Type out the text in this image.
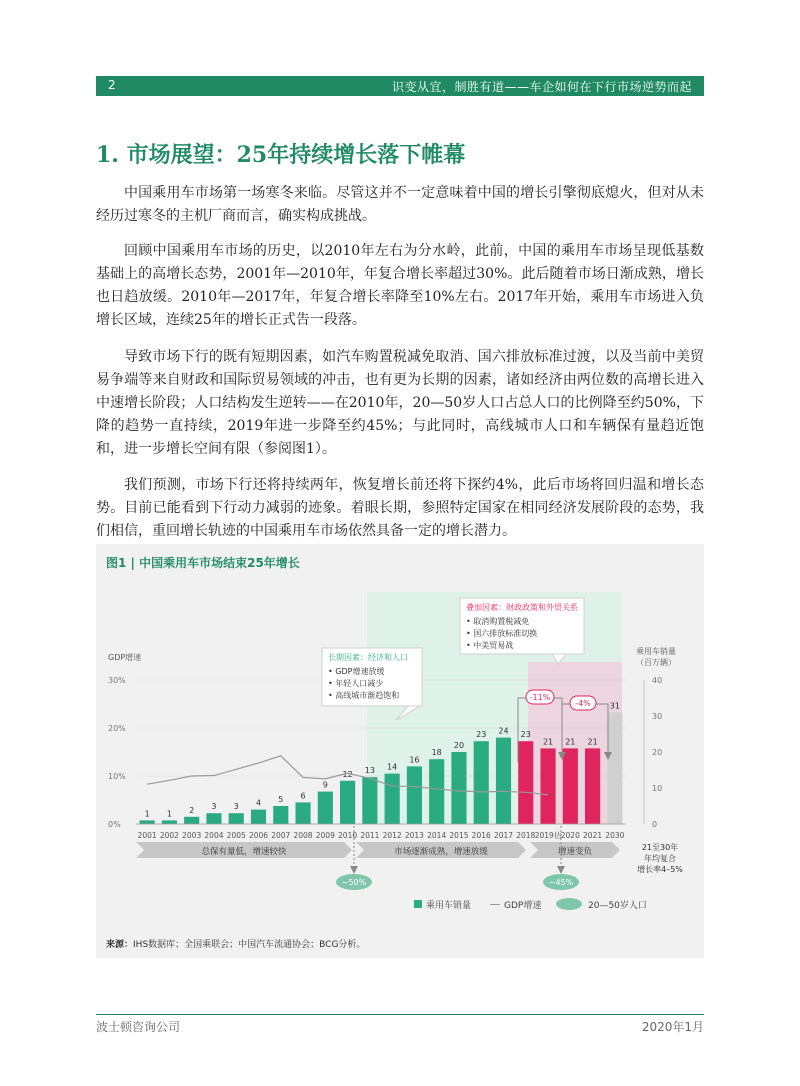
2	识变从宜，制胜有道——车企如何在下行市场逆势而起
1. 市场展望：25年持续增长落下帷幕
中国乘用车市场第一场寒冬来临。尽管这并不一定意味着中国的增长引擎彻底熄火，但对从未经历过寒冬的主机厂商而言，确实构成挑战。
回顾中国乘用车市场的历史，以2010年左右为分水岭，此前，中国的乘用车市场呈现低基数基础上的高增长态势，2001年—2010年，年复合增长率超过30%。此后随着市场日渐成熟，增长也日趋放缓。2010年—2017年，年复合增长率降至10%左右。2017年开始，乘用车市场进入负增长区域，连续25年的增长正式告一段落。
导致市场下行的既有短期因素，如汽车购置税减免取消、国六排放标准过渡，以及当前中美贸易争端等来自财政和国际贸易领域的冲击，也有更为长期的因素，诸如经济由两位数的高增长进入中速增长阶段；人口结构发生逆转——在2010年，20—50岁人口占总人口的比例降至约50%，下降的趋势一直持续，2019年进一步降至约45%；与此同时，高线城市人口和车辆保有量趋近饱和，进一步增长空间有限（参阅图1）。
我们预测，市场下行还将持续两年，恢复增长前还将下探约4%，此后市场将回归温和增长态势。目前已能看到下行动力减弱的迹象。着眼长期，参照特定国家在相同经济发展阶段的态势，我们相信，重回增长轨迹的中国乘用车市场依然具备一定的增长潜力。
图1 | 中国乘用车市场结束25年增长
GDP增速
乘用车销量
（百万辆）
30%
20%
10%
0%
40
30
20
10
0
1 1 2 3 3 4 5 6
9
12 13 14
16
18
20
23 24 23
21 21 21
31
2001 2002 2003 2004 2005 2006 2007 2008 2009 2010 2011 2012 2013 2014 2015 2016 2017 2018 2019估 2020 2021 2030
长期因素：经济和人口
• GDP增速放缓
• 年轻人口减少
• 高线城市渐趋饱和
叠加因素：财政政策和外贸关系
• 取消购置税减免
• 国六排放标准切换
• 中美贸易战
-11%
-4%
总保有量低，增速较快	市场逐渐成熟，增速放缓	增速变负	21至30年
年均复合
增长率4–5%
~50%	~45%
乘用车销量	GDP增速	20—50岁人口
来源：IHS数据库；全国乘联会；中国汽车流通协会；BCG分析。
波士顿咨询公司	2020年1月
